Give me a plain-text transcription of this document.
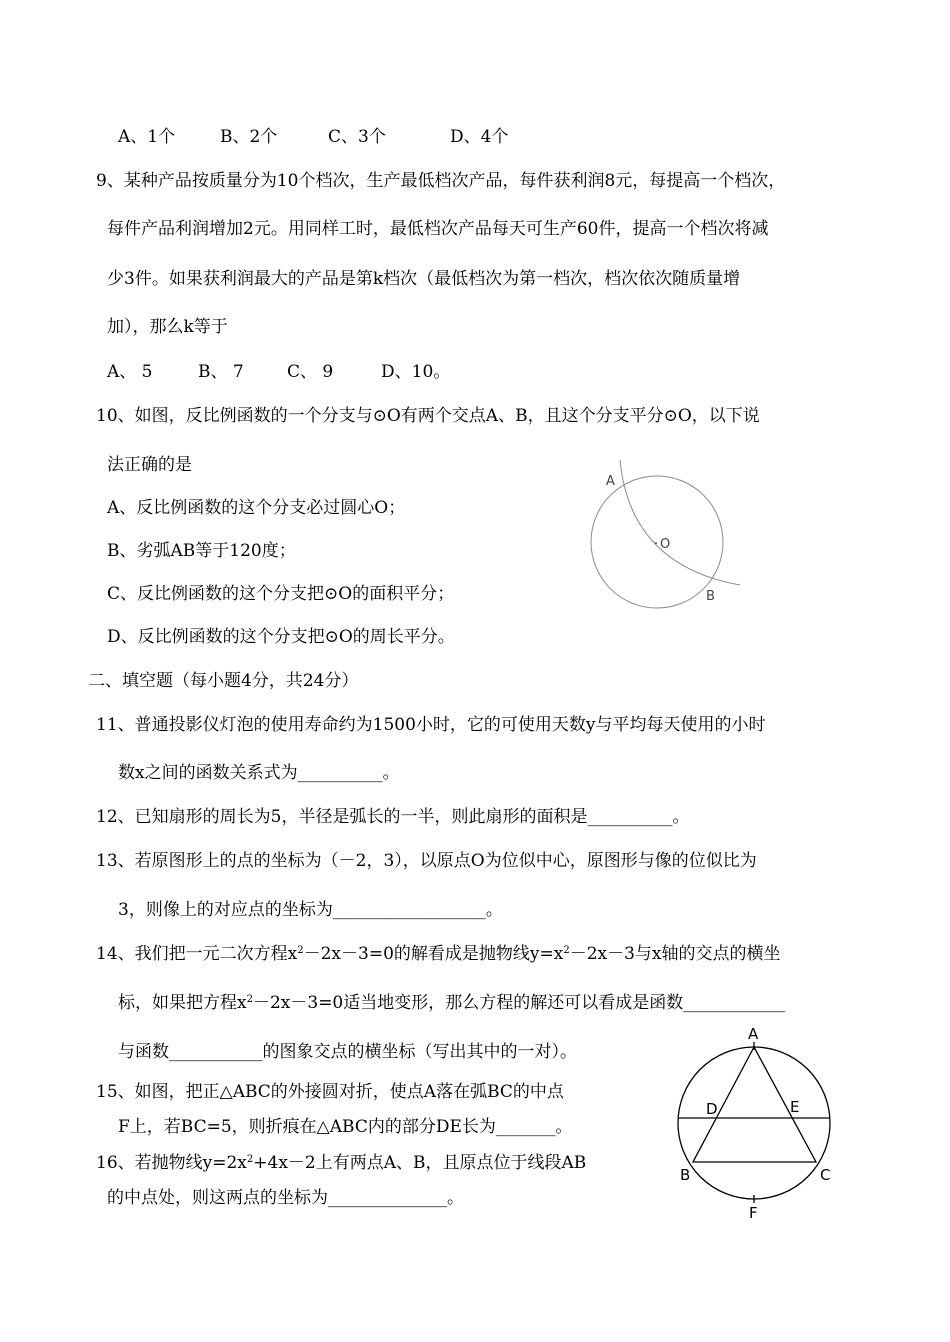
A、1个	B、2个	C、3个	D、4个
9、某种产品按质量分为10个档次，生产最低档次产品，每件获利润8元，每提高一个档次，
每件产品利润增加2元。用同样工时，最低档次产品每天可生产60件，提高一个档次将减
少3件。如果获利润最大的产品是第k档次（最低档次为第一档次，档次依次随质量增
加），那么k等于
A、 5	B、 7	C、 9	D、10。
10、如图，反比例函数的一个分支与⊙O有两个交点A、B，且这个分支平分⊙O，以下说
法正确的是
A、反比例函数的这个分支必过圆心O；
B、劣弧AB等于120度；
C、反比例函数的这个分支把⊙O的面积平分；
D、反比例函数的这个分支把⊙O的周长平分。
A
O
B
二、填空题（每小题4分，共24分）
11、普通投影仪灯泡的使用寿命约为1500小时，它的可使用天数y与平均每天使用的小时
数x之间的函数关系式为__________。
12、已知扇形的周长为5，半径是弧长的一半，则此扇形的面积是__________。
13、若原图形上的点的坐标为（－2，3），以原点O为位似中心，原图形与像的位似比为
3，则像上的对应点的坐标为__________________。
14、我们把一元二次方程$x^2-2x-3=0$的解看成是抛物线$y=x^2-2x-3$与x轴的交点的横坐
标，如果把方程$x^2-2x-3=0$适当地变形，那么方程的解还可以看成是函数____________
与函数___________的图象交点的横坐标（写出其中的一对）。
15、如图，把正△ABC的外接圆对折，使点A落在弧BC的中点
F上，若BC=5，则折痕在△ABC内的部分DE长为_______。
16、若抛物线$y=2x^2+4x-2$上有两点A、B，且原点位于线段AB
的中点处，则这两点的坐标为______________。
A
D	E
B	C
F
